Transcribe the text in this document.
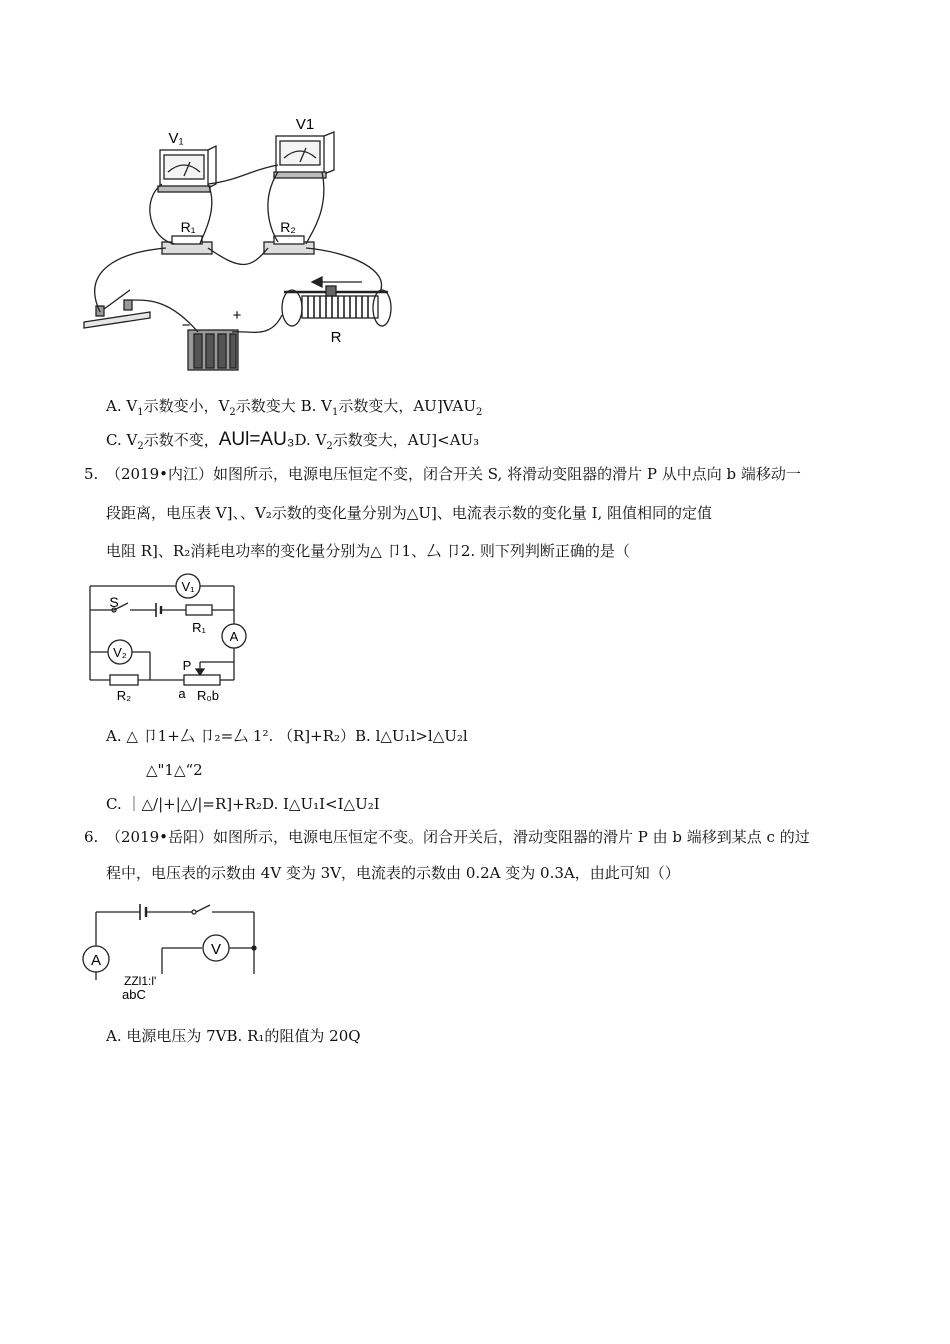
V₁
V1
R₁	R₂
R
−
+
A. $V_1$示数变小，$V_2$示数变大 B. $V_1$示数变大，$AU]VAU_2$
C. $V_2$示数不变，AUl=AU₃D. $V_2$示数变大，AU]<AU₃
5. （2019•内江）如图所示，电源电压恒定不变，闭合开关 S, 将滑动变阻器的滑片 P 从中点向 b 端移动一
段距离，电压表 V]、、V₂示数的变化量分别为△U]、电流表示数的变化量 I, 阻值相同的定值
电阻 R]、R₂消耗电功率的变化量分别为△ 卩1、厶 卩2. 则下列判断正确的是（
V₁
S
R₁
A
V₂
P
R₂	a R₀b
A. △ 卩1+厶 卩₂=厶 1². （R]+R₂）B. l△U₁l>l△U₂l
△"1△“2
C. ｜△/|+|△/|=R]+R₂D. I△U₁I<I△U₂I
6. （2019•岳阳）如图所示，电源电压恒定不变。闭合开关后，滑动变阻器的滑片 P 由 b 端移到某点 c 的过
程中，电压表的示数由 4V 变为 3V，电流表的示数由 0.2A 变为 0.3A，由此可知（）
A
V
ZZl1:l'
abC
A. 电源电压为 7VB. R₁的阻值为 20Q
